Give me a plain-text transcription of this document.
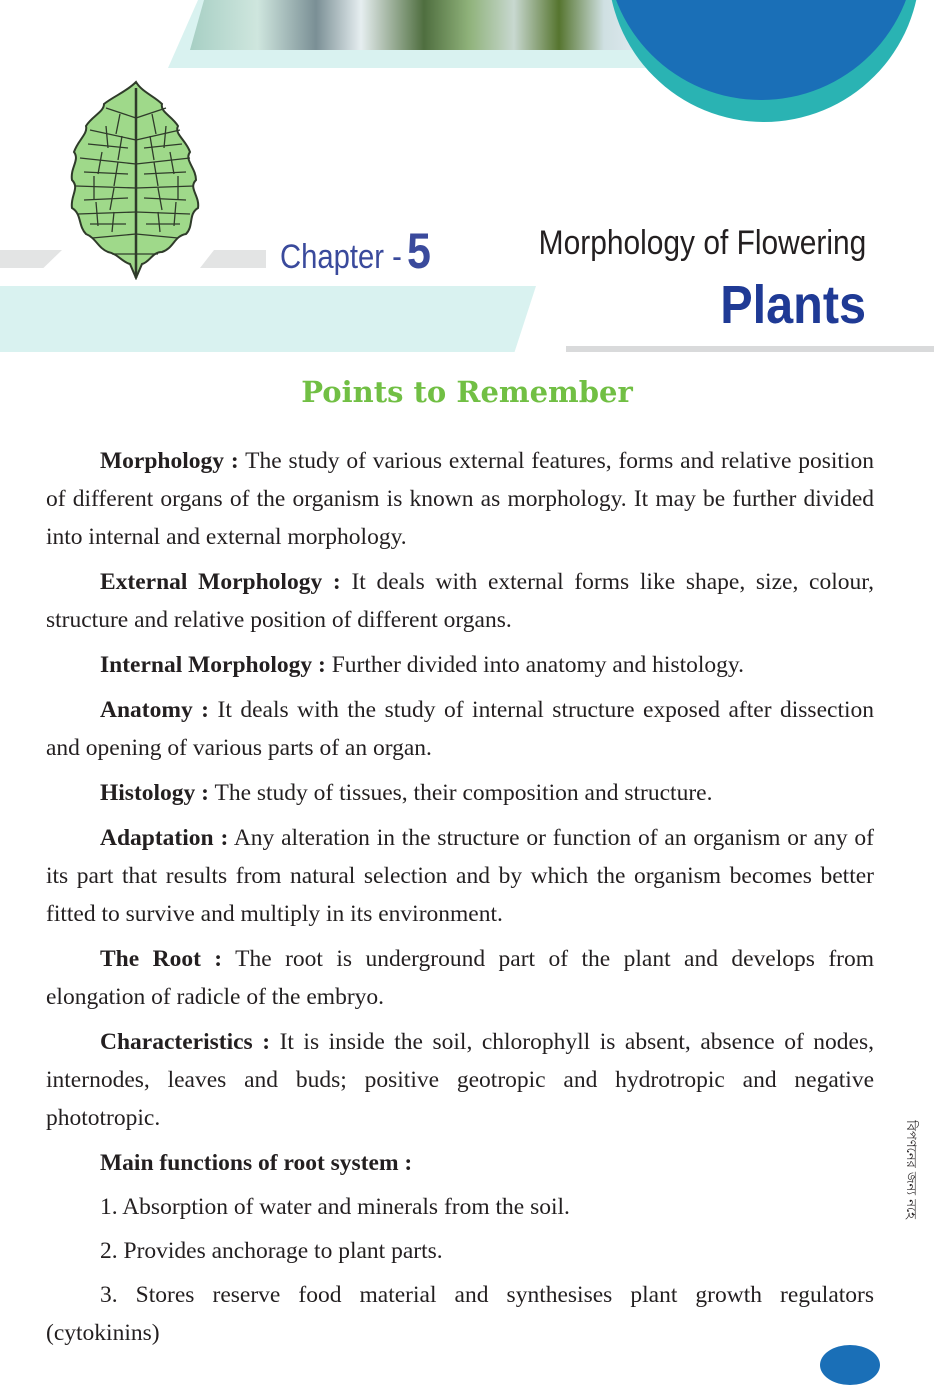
Chapter - 5	Morphology of Flowering
Plants
Points to Remember

Morphology : The study of various external features, forms and relative position of different organs of the organism is known as morphology. It may be further divided into internal and external morphology.

External Morphology : It deals with external forms like shape, size, colour, structure and relative position of different organs.

Internal Morphology : Further divided into anatomy and histology.

Anatomy : It deals with the study of internal structure exposed after dissection and opening of various parts of an organ.

Histology : The study of tissues, their composition and structure.

Adaptation : Any alteration in the structure or function of an organism or any of its part that results from natural selection and by which the organism becomes better fitted to survive and multiply in its environment.

The Root : The root is underground part of the plant and develops from elongation of radicle of the embryo.

Characteristics : It is inside the soil, chlorophyll is absent, absence of nodes, internodes, leaves and buds; positive geotropic and hydrotropic and negative phototropic.

Main functions of root system :

1. Absorption of water and minerals from the soil.

2. Provides anchorage to plant parts.

3. Stores reserve food material and synthesises plant growth regulators (cytokinins)

বিপণনের জন্য নহে
